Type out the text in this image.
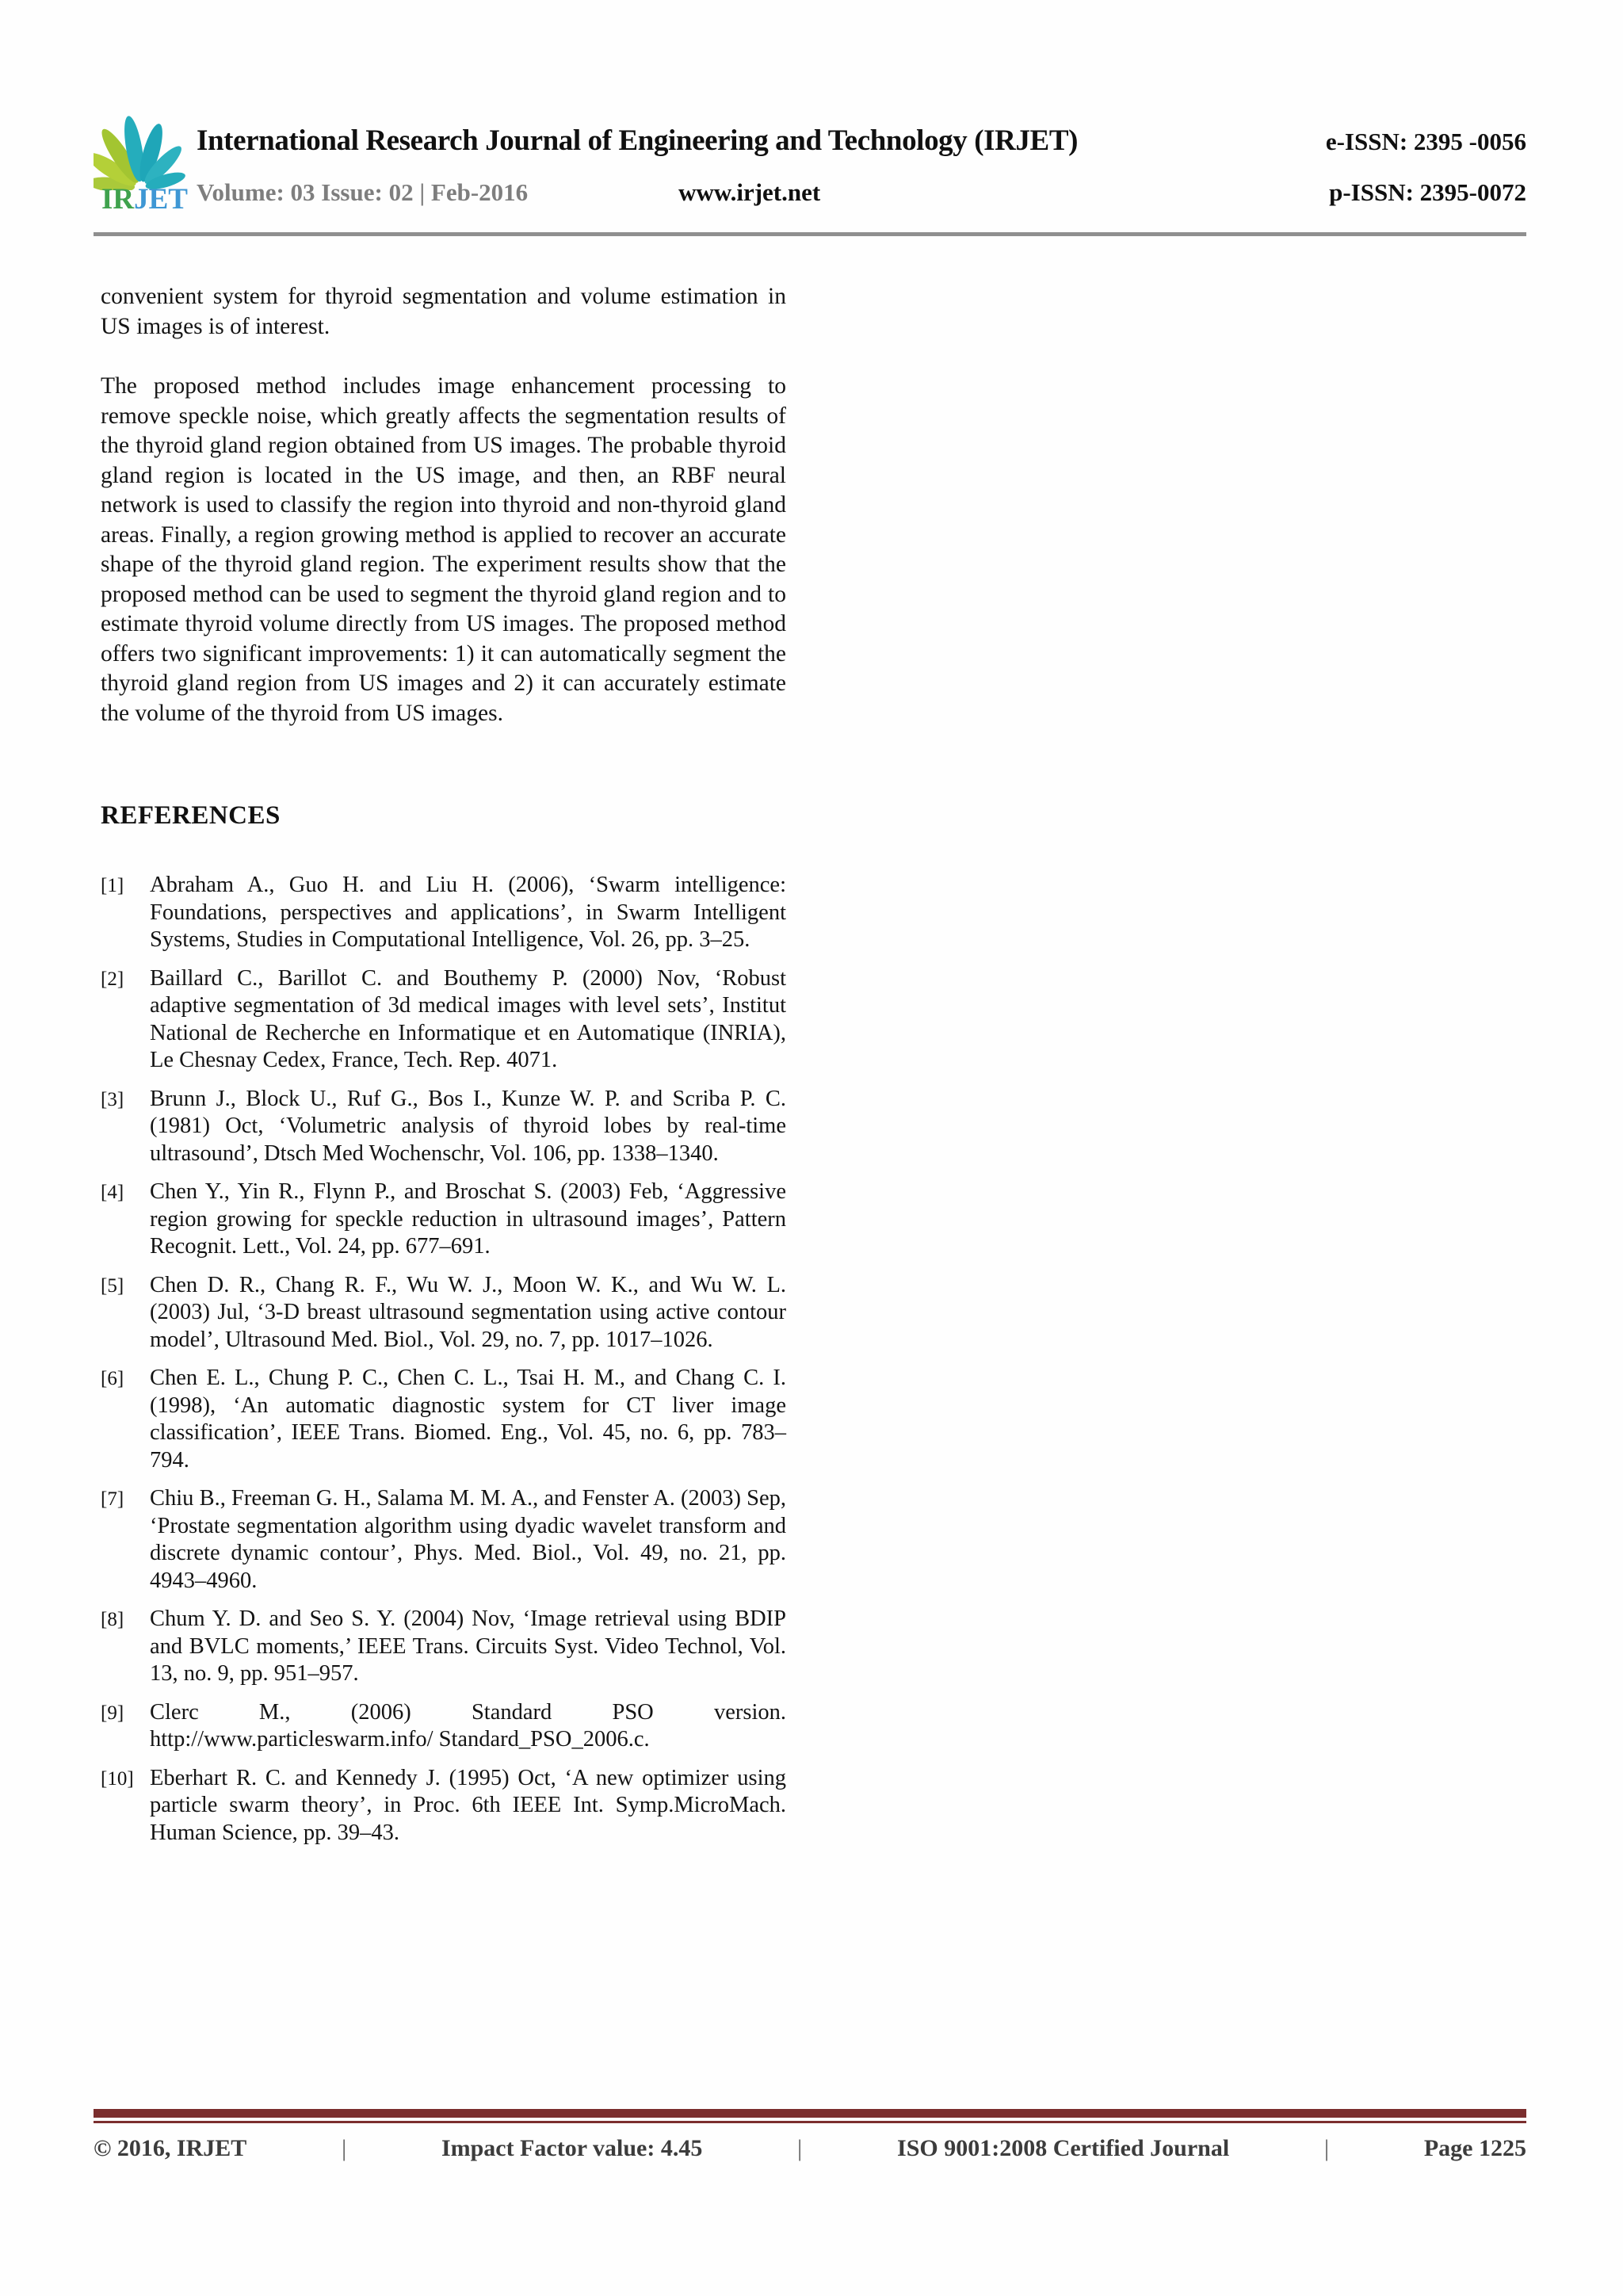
IRJET
International Research Journal of Engineering and Technology (IRJET)	e-ISSN: 2395 -0056
Volume: 03 Issue: 02 | Feb-2016	www.irjet.net	p-ISSN: 2395-0072

convenient system for thyroid segmentation and volume estimation in US images is of interest.

The proposed method includes image enhancement processing to remove speckle noise, which greatly affects the segmentation results of the thyroid gland region obtained from US images. The probable thyroid gland region is located in the US image, and then, an RBF neural network is used to classify the region into thyroid and non-thyroid gland areas. Finally, a region growing method is applied to recover an accurate shape of the thyroid gland region. The experiment results show that the proposed method can be used to segment the thyroid gland region and to estimate thyroid volume directly from US images. The proposed method offers two significant improvements: 1) it can automatically segment the thyroid gland region from US images and 2) it can accurately estimate the volume of the thyroid from US images.

REFERENCES
[1]	Abraham A., Guo H. and Liu H. (2006), ‘Swarm intelligence: Foundations, perspectives and applications’, in Swarm Intelligent Systems, Studies in Computational Intelligence, Vol. 26, pp. 3–25.
[2]	Baillard C., Barillot C. and Bouthemy P. (2000) Nov, ‘Robust adaptive segmentation of 3d medical images with level sets’, Institut National de Recherche en Informatique et en Automatique (INRIA), Le Chesnay Cedex, France, Tech. Rep. 4071.
[3]	Brunn J., Block U., Ruf G., Bos I., Kunze W. P. and Scriba P. C. (1981) Oct, ‘Volumetric analysis of thyroid lobes by real-time ultrasound’, Dtsch Med Wochenschr, Vol. 106, pp. 1338–1340.
[4]	Chen Y., Yin R., Flynn P., and Broschat S. (2003) Feb, ‘Aggressive region growing for speckle reduction in ultrasound images’, Pattern Recognit. Lett., Vol. 24, pp. 677–691.
[5]	Chen D. R., Chang R. F., Wu W. J., Moon W. K., and Wu W. L. (2003) Jul, ‘3-D breast ultrasound segmentation using active contour model’, Ultrasound Med. Biol., Vol. 29, no. 7, pp. 1017–1026.
[6]	Chen E. L., Chung P. C., Chen C. L., Tsai H. M., and Chang C. I. (1998), ‘An automatic diagnostic system for CT liver image classification’, IEEE Trans. Biomed. Eng., Vol. 45, no. 6, pp. 783–794.
[7]	Chiu B., Freeman G. H., Salama M. M. A., and Fenster A. (2003) Sep, ‘Prostate segmentation algorithm using dyadic wavelet transform and discrete dynamic contour’, Phys. Med. Biol., Vol. 49, no. 21, pp. 4943–4960.
[8]	Chum Y. D. and Seo S. Y. (2004) Nov, ‘Image retrieval using BDIP and BVLC moments,’ IEEE Trans. Circuits Syst. Video Technol, Vol. 13, no. 9, pp. 951–957.
[9]	Clerc M., (2006) Standard PSO version. http://www.particleswarm.info/ Standard_PSO_2006.c.
[10] Eberhart R. C. and Kennedy J. (1995) Oct, ‘A new optimizer using particle swarm theory’, in Proc. 6th IEEE Int. Symp.MicroMach. Human Science, pp. 39–43.
© 2016, IRJET	|	Impact Factor value: 4.45	|	ISO 9001:2008 Certified Journal	|	Page 1225
